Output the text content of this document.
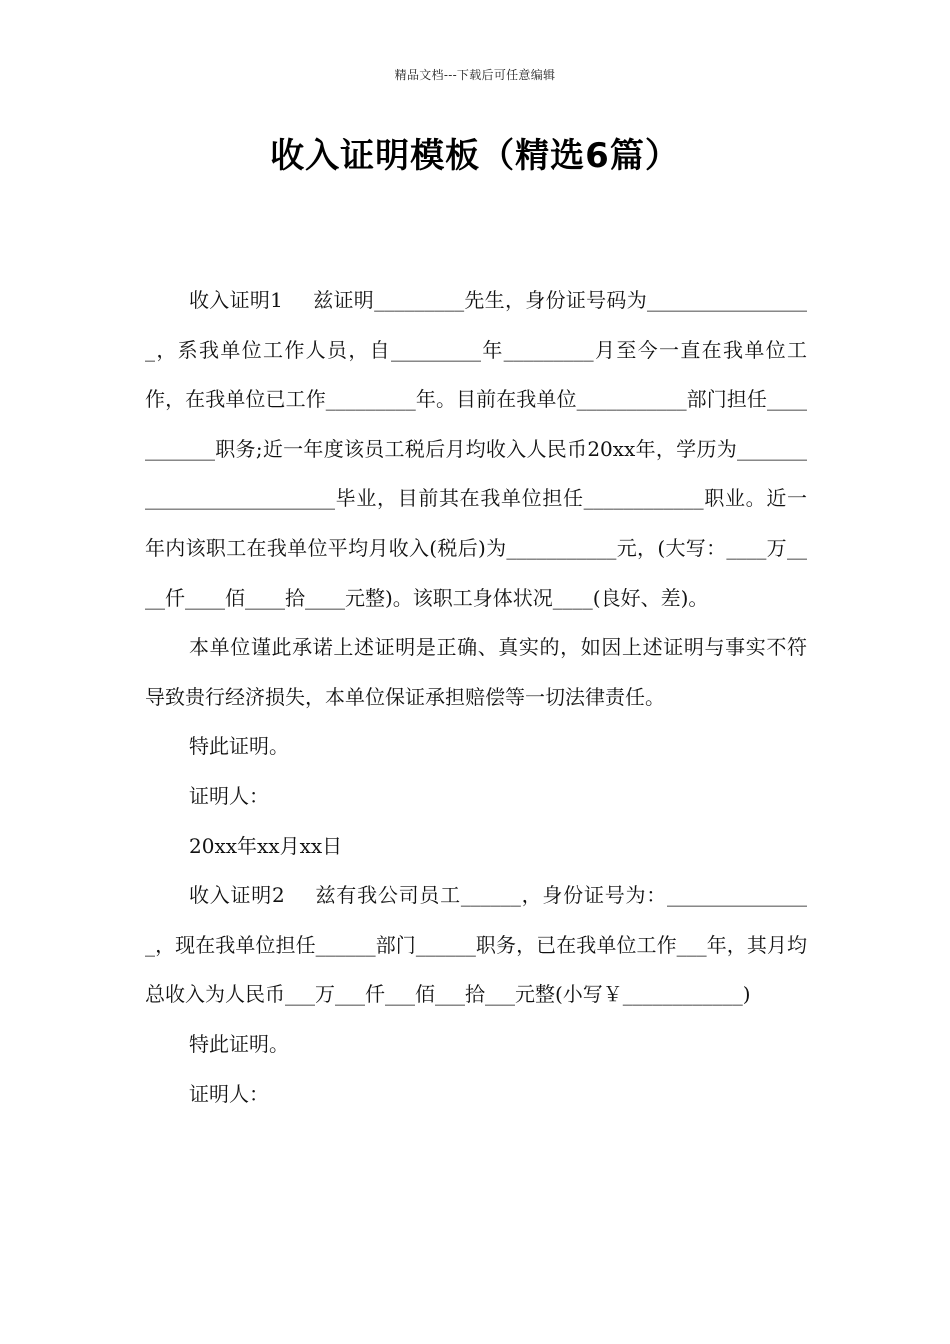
精品文档---下载后可任意编辑
收入证明模板（精选6篇）

收入证明1 兹证明_________先生，身份证号码为_________________，系我单位工作人员，自_________年_________月至今一直在我单位工作，在我单位已工作_________年。目前在我单位___________部门担任___________职务;近一年度该员工税后月均收入人民币20xx年，学历为__________________________毕业，目前其在我单位担任____________职业。近一年内该职工在我单位平均月收入(税后)为___________元，(大写：____万____仟____佰____拾____元整)。该职工身体状况____(良好、差)。

本单位谨此承诺上述证明是正确、真实的，如因上述证明与事实不符导致贵行经济损失，本单位保证承担赔偿等一切法律责任。

特此证明。

证明人：

20xx年xx月xx日

收入证明2 兹有我公司员工______，身份证号为：_______________，现在我单位担任______部门______职务，已在我单位工作___年，其月均总收入为人民币___万___仟___佰___拾___元整(小写￥____________)

特此证明。

证明人：
